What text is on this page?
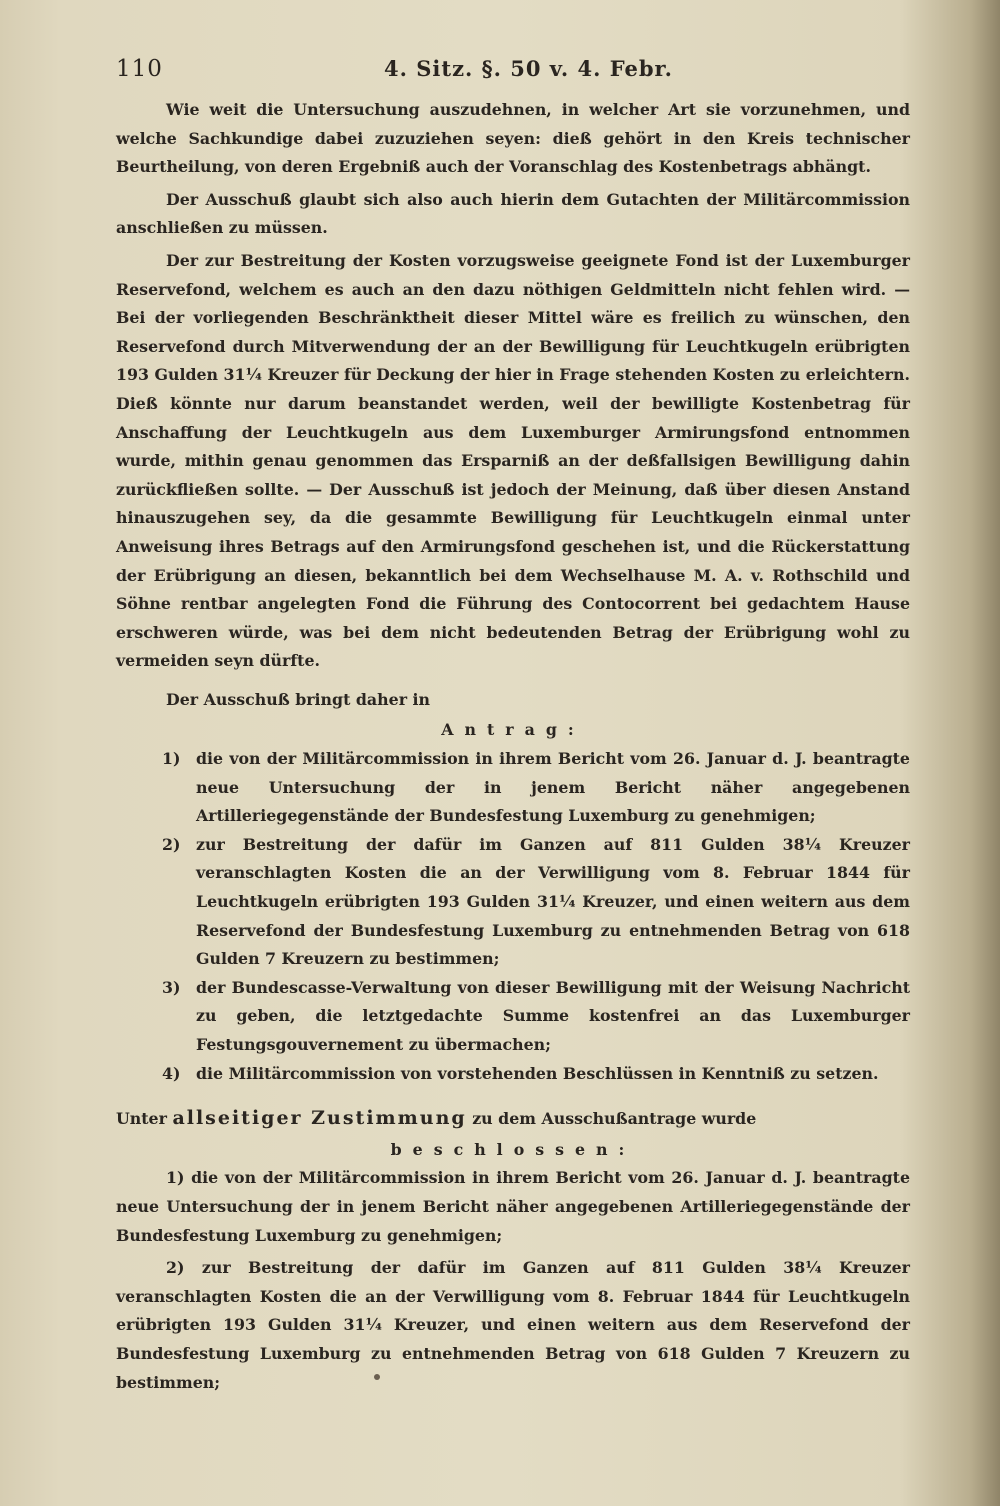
110	4. Sitz. §. 50 v. 4. Febr.

Wie weit die Untersuchung auszudehnen, in welcher Art sie vorzunehmen, und welche Sachkundige dabei zuzuziehen seyen: dieß gehört in den Kreis technischer Beurtheilung, von deren Ergebniß auch der Voranschlag des Kostenbetrags abhängt.

Der Ausschuß glaubt sich also auch hierin dem Gutachten der Militärcommission anschließen zu müssen.

Der zur Bestreitung der Kosten vorzugsweise geeignete Fond ist der Luxemburger Reservefond, welchem es auch an den dazu nöthigen Geldmitteln nicht fehlen wird. — Bei der vorliegenden Beschränktheit dieser Mittel wäre es freilich zu wünschen, den Reservefond durch Mitverwendung der an der Bewilligung für Leuchtkugeln erübrigten 193 Gulden 31¼ Kreuzer für Deckung der hier in Frage stehenden Kosten zu erleichtern. Dieß könnte nur darum beanstandet werden, weil der bewilligte Kostenbetrag für Anschaffung der Leuchtkugeln aus dem Luxemburger Armirungsfond entnommen wurde, mithin genau genommen das Ersparniß an der deßfallsigen Bewilligung dahin zurückfließen sollte. — Der Ausschuß ist jedoch der Meinung, daß über diesen Anstand hinauszugehen sey, da die gesammte Bewilligung für Leuchtkugeln einmal unter Anweisung ihres Betrags auf den Armirungsfond geschehen ist, und die Rückerstattung der Erübrigung an diesen, bekanntlich bei dem Wechselhause M. A. v. Rothschild und Söhne rentbar angelegten Fond die Führung des Contocorrent bei gedachtem Hause erschweren würde, was bei dem nicht bedeutenden Betrag der Erübrigung wohl zu vermeiden seyn dürfte.

Der Ausschuß bringt daher in

Antrag:

1) die von der Militärcommission in ihrem Bericht vom 26. Januar d. J. beantragte neue Untersuchung der in jenem Bericht näher angegebenen Artilleriegegenstände der Bundesfestung Luxemburg zu genehmigen;
2) zur Bestreitung der dafür im Ganzen auf 811 Gulden 38¼ Kreuzer veranschlagten Kosten die an der Verwilligung vom 8. Februar 1844 für Leuchtkugeln erübrigten 193 Gulden 31¼ Kreuzer, und einen weitern aus dem Reservefond der Bundesfestung Luxemburg zu entnehmenden Betrag von 618 Gulden 7 Kreuzern zu bestimmen;
3) der Bundescasse-Verwaltung von dieser Bewilligung mit der Weisung Nachricht zu geben, die letztgedachte Summe kostenfrei an das Luxemburger Festungsgouvernement zu übermachen;
4) die Militärcommission von vorstehenden Beschlüssen in Kenntniß zu setzen.

Unter allseitiger Zustimmung zu dem Ausschußantrage wurde

beschlossen:

1) die von der Militärcommission in ihrem Bericht vom 26. Januar d. J. beantragte neue Untersuchung der in jenem Bericht näher angegebenen Artilleriegegenstände der Bundesfestung Luxemburg zu genehmigen;

2) zur Bestreitung der dafür im Ganzen auf 811 Gulden 38¼ Kreuzer veranschlagten Kosten die an der Verwilligung vom 8. Februar 1844 für Leuchtkugeln erübrigten 193 Gulden 31¼ Kreuzer, und einen weitern aus dem Reservefond der Bundesfestung Luxemburg zu entnehmenden Betrag von 618 Gulden 7 Kreuzern zu bestimmen;
